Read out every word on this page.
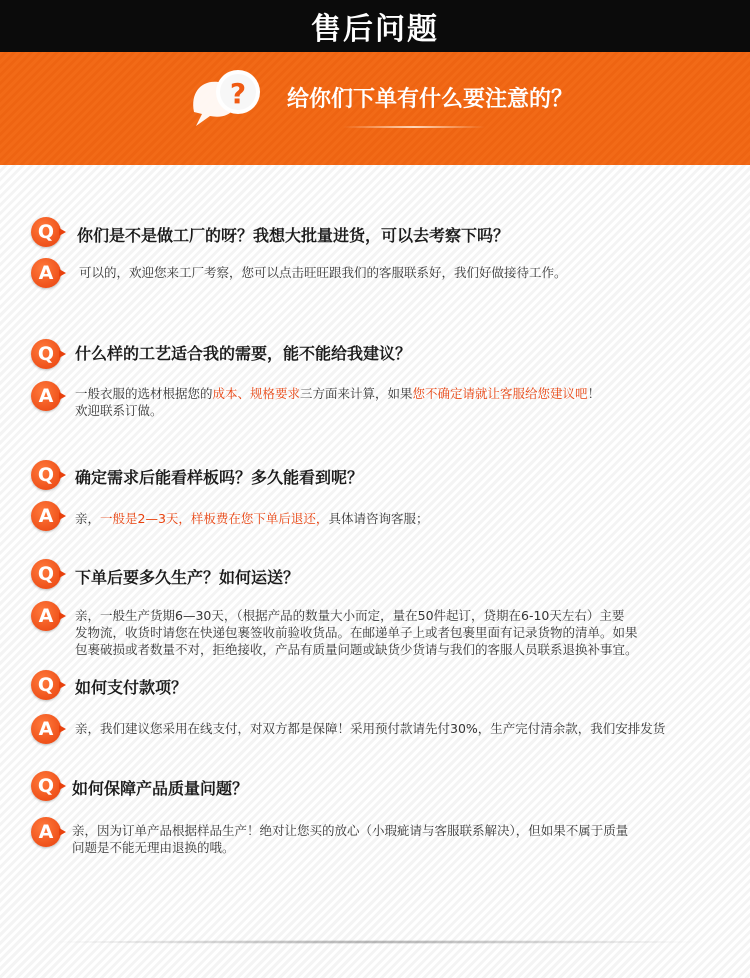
售后问题
? 给你们下单有什么要注意的？
Q	你们是不是做工厂的呀？我想大批量进货，可以去考察下吗？
A	可以的，欢迎您来工厂考察，您可以点击旺旺跟我们的客服联系好，我们好做接待工作。
Q	什么样的工艺适合我的需要，能不能给我建议？
A	一般衣服的选材根据您的成本、规格要求三方面来计算，如果您不确定请就让客服给您建议吧！
欢迎联系订做。
Q	确定需求后能看样板吗？多久能看到呢？
A	亲，一般是2—3天，样板费在您下单后退还，具体请咨询客服；
Q	下单后要多久生产？如何运送？
A	亲，一般生产货期6—30天，（根据产品的数量大小而定，量在50件起订，贷期在6-10天左右）主要
发物流，收货时请您在快递包裹签收前验收货品。在邮递单子上或者包裹里面有记录货物的清单。如果
包裹破损或者数量不对，拒绝接收，产品有质量问题或缺货少货请与我们的客服人员联系退换补事宜。
Q	如何支付款项？
A	亲，我们建议您采用在线支付，对双方都是保障！采用预付款请先付30%，生产完付清余款，我们安排发货
Q	如何保障产品质量问题？
A	亲，因为订单产品根据样品生产！绝对让您买的放心（小瑕疵请与客服联系解决），但如果不属于质量
问题是不能无理由退换的哦。
